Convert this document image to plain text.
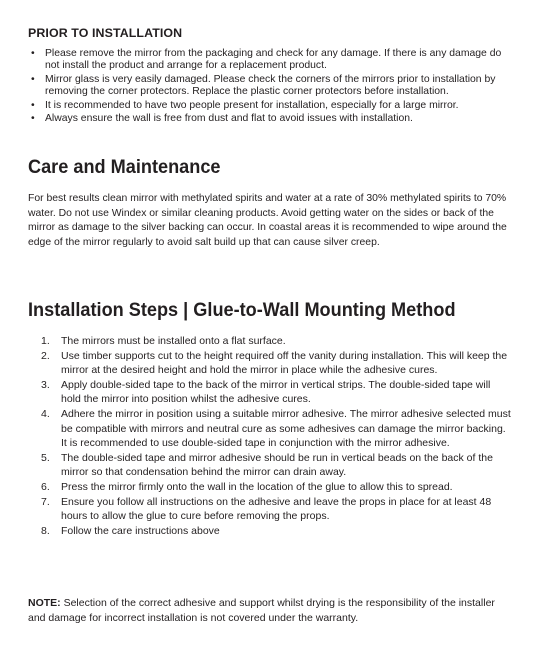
PRIOR TO INSTALLATION
• Please remove the mirror from the packaging and check for any damage. If there is any damage do not install the product and arrange for a replacement product.
• Mirror glass is very easily damaged. Please check the corners of the mirrors prior to installation by removing the corner protectors. Replace the plastic corner protectors before installation.
• It is recommended to have two people present for installation, especially for a large mirror.
• Always ensure the wall is free from dust and flat to avoid issues with installation.
Care and Maintenance

For best results clean mirror with methylated spirits and water at a rate of 30% methylated spirits to 70% water. Do not use Windex or similar cleaning products. Avoid getting water on the sides or back of the mirror as damage to the silver backing can occur. In coastal areas it is recommended to wipe around the edge of the mirror regularly to avoid salt build up that can cause silver creep.

Installation Steps | Glue-to-Wall Mounting Method
1. The mirrors must be installed onto a flat surface.
2. Use timber supports cut to the height required off the vanity during installation. This will keep the mirror at the desired height and hold the mirror in place while the adhesive cures.
3. Apply double-sided tape to the back of the mirror in vertical strips. The double-sided tape will hold the mirror into position whilst the adhesive cures.
4. Adhere the mirror in position using a suitable mirror adhesive. The mirror adhesive selected must be compatible with mirrors and neutral cure as some adhesives can damage the mirror backing. It is recommended to use double-sided tape in conjunction with the mirror adhesive.
5. The double-sided tape and mirror adhesive should be run in vertical beads on the back of the mirror so that condensation behind the mirror can drain away.
6. Press the mirror firmly onto the wall in the location of the glue to allow this to spread.
7. Ensure you follow all instructions on the adhesive and leave the props in place for at least 48 hours to allow the glue to cure before removing the props.
8. Follow the care instructions above

NOTE: Selection of the correct adhesive and support whilst drying is the responsibility of the installer and damage for incorrect installation is not covered under the warranty.
